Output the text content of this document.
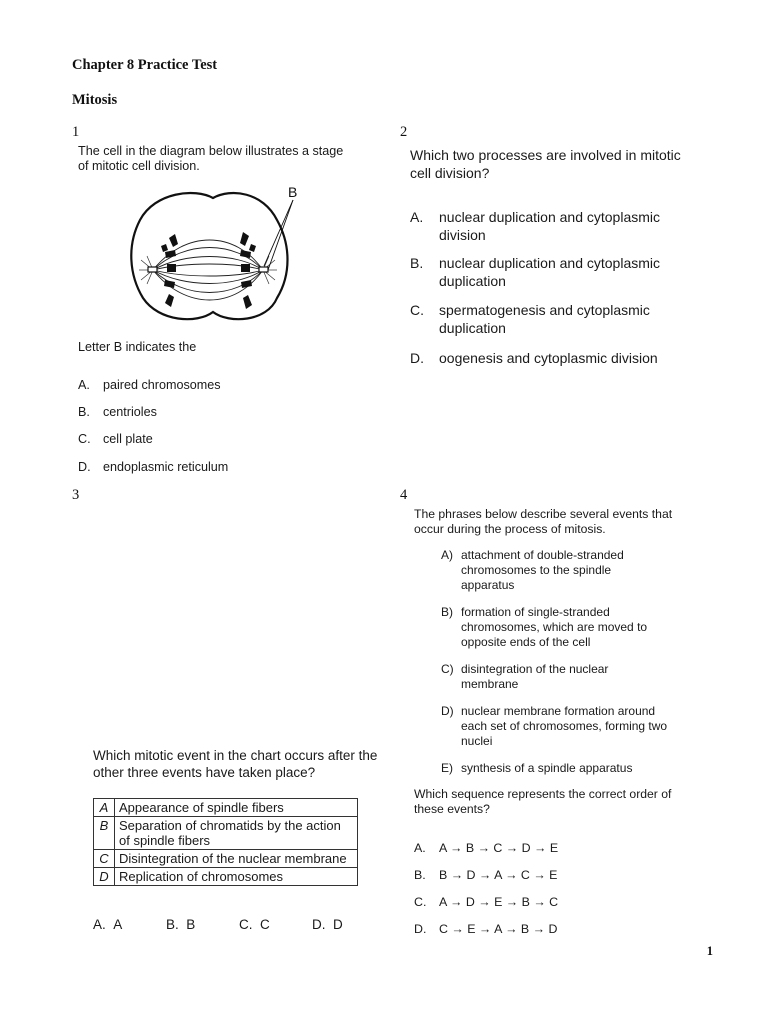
Chapter 8 Practice Test
Mitosis
1
The cell in the diagram below illustrates a stage of mitotic cell division.
B
Letter B indicates the
A. paired chromosomes
B. centrioles
C. cell plate
D. endoplasmic reticulum
2
Which two processes are involved in mitotic cell division?
A. nuclear duplication and cytoplasmic division
B. nuclear duplication and cytoplasmic duplication
C. spermatogenesis and cytoplasmic duplication
D. oogenesis and cytoplasmic division
3
Which mitotic event in the chart occurs after the other three events have taken place?
A	Appearance of spindle fibers
B	Separation of chromatids by the action of spindle fibers
C	Disintegration of the nuclear membrane
D	Replication of chromosomes
A. A	B. B	C. C	D. D
4
The phrases below describe several events that occur during the process of mitosis.
A) attachment of double-stranded chromosomes to the spindle apparatus
B) formation of single-stranded chromosomes, which are moved to opposite ends of the cell
C) disintegration of the nuclear membrane
D) nuclear membrane formation around each set of chromosomes, forming two nuclei
E) synthesis of a spindle apparatus
Which sequence represents the correct order of these events?
A. A → B → C → D → E
B. B → D → A → C → E
C. A → D → E → B → C
D. C → E → A → B → D
1
